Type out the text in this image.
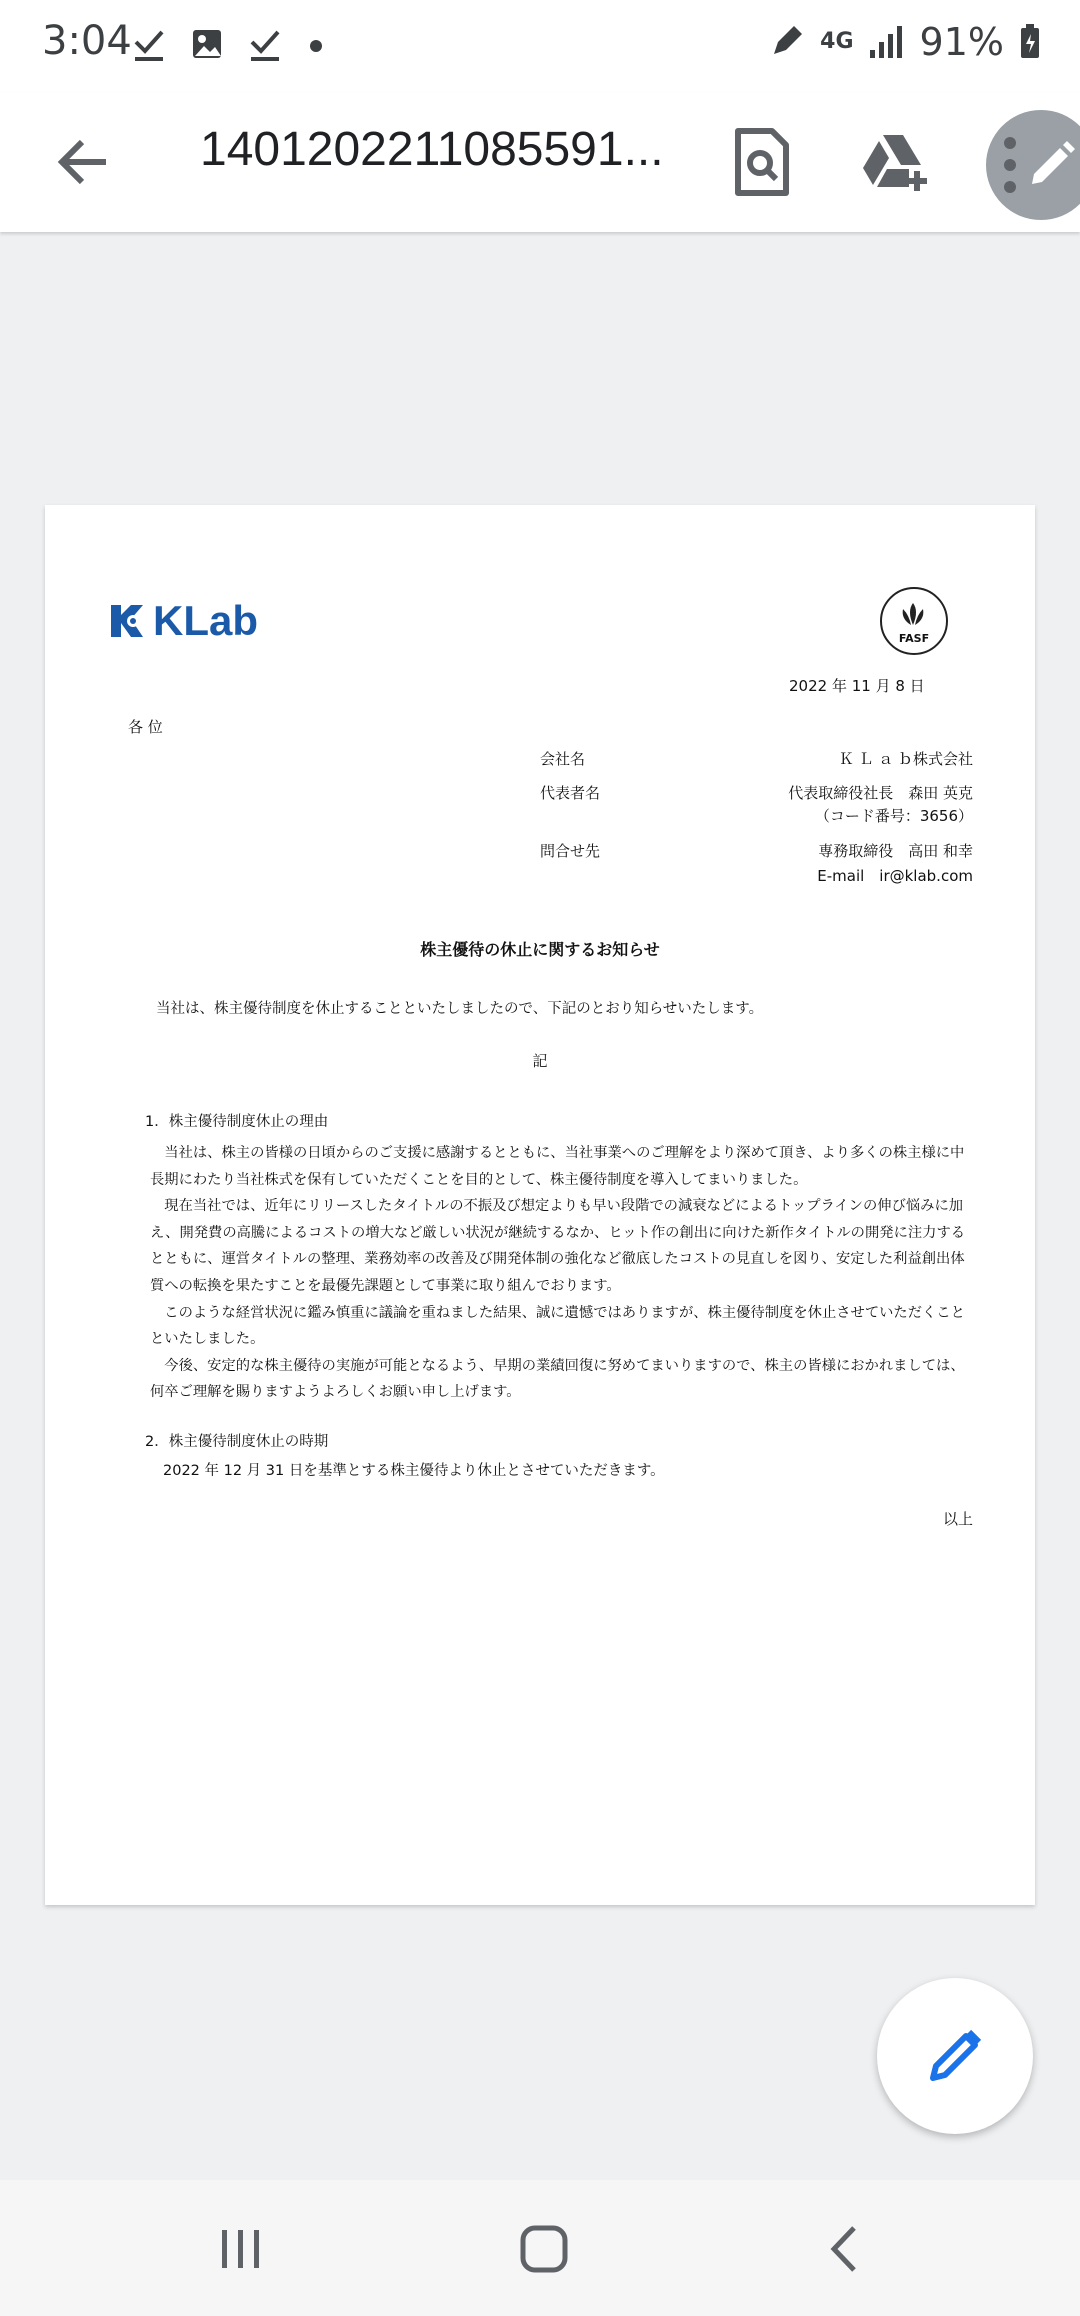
3:04	4G 91%
1401202211085591...
KLab	FASF
2022 年 11 月 8 日
各 位
会社名	Ｋ Ｌ ａ ｂ株式会社
代表者名	代表取締役社長　森田 英克
（コード番号：3656）
問合せ先	専務取締役　高田 和幸
E-mail　ir@klab.com
株主優待の休止に関するお知らせ
当社は、株主優待制度を休止することといたしましたので、下記のとおり知らせいたします。
記
1．株主優待制度休止の理由

当社は、株主の皆様の日頃からのご支援に感謝するとともに、当社事業へのご理解をより深めて頂き、より多くの株主様に中長期にわたり当社株式を保有していただくことを目的として、株主優待制度を導入してまいりました。

現在当社では、近年にリリースしたタイトルの不振及び想定よりも早い段階での減衰などによるトップラインの伸び悩みに加え、開発費の高騰によるコストの増大など厳しい状況が継続するなか、ヒット作の創出に向けた新作タイトルの開発に注力するとともに、運営タイトルの整理、業務効率の改善及び開発体制の強化など徹底したコストの見直しを図り、安定した利益創出体質への転換を果たすことを最優先課題として事業に取り組んでおります。

このような経営状況に鑑み慎重に議論を重ねました結果、誠に遺憾ではありますが、株主優待制度を休止させていただくことといたしました。

今後、安定的な株主優待の実施が可能となるよう、早期の業績回復に努めてまいりますので、株主の皆様におかれましては、何卒ご理解を賜りますようよろしくお願い申し上げます。

2．株主優待制度休止の時期
2022 年 12 月 31 日を基準とする株主優待より休止とさせていただきます。
以上
